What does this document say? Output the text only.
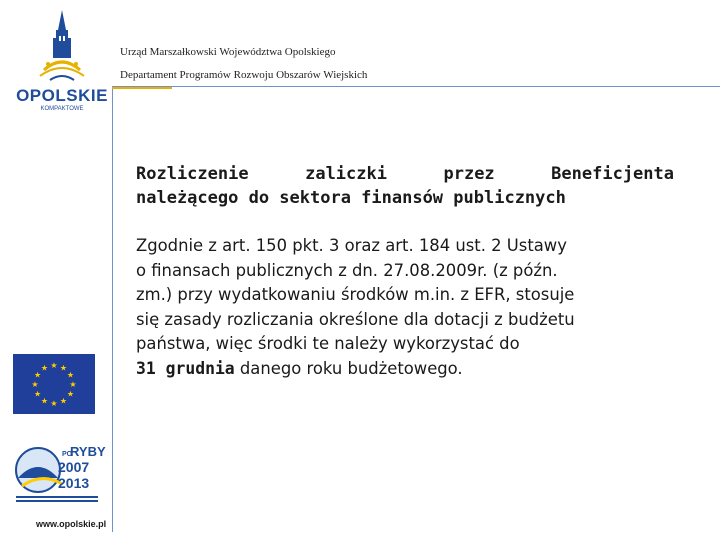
OPOLSKIE
KOMPAKTOWE
Urząd Marszałkowski Województwa Opolskiego
Departament Programów Rozwoju Obszarów Wiejskich
Rozliczenie	zaliczki	przez	Beneficjenta
należącego do sektora finansów publicznych
Zgodnie z art. 150 pkt. 3 oraz art. 184 ust. 2 Ustawy
o finansach publicznych z dn. 27.08.2009r. (z późn.
zm.) przy wydatkowaniu środków m.in. z EFR, stosuje
się zasady rozliczania określone dla dotacji z budżetu
państwa, więc środki te należy wykorzystać do
31 grudnia danego roku budżetowego.
★ ★
★
★
★
★
★
★
★
★
★
★
PO
RYBY
2007
2013
www.opolskie.pl
